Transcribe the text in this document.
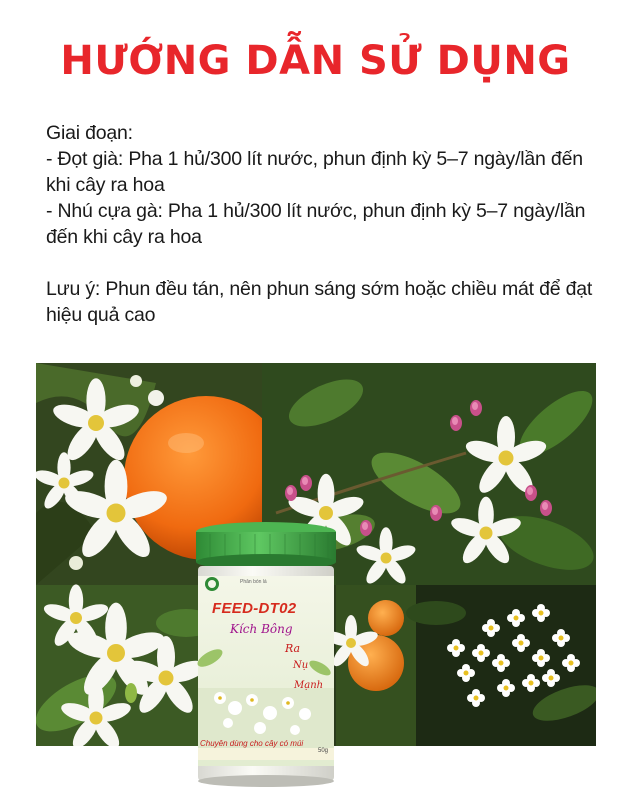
HƯỚNG DẪN SỬ DỤNG

Giai đoạn:

- Đọt già: Pha 1 hủ/300 lít nước, phun định kỳ 5–7 ngày/lần đến

khi cây ra hoa

- Nhú cựa gà: Pha 1 hủ/300 lít nước, phun định kỳ 5–7 ngày/lần

đến khi cây ra hoa

Lưu ý: Phun đều tán, nên phun sáng sớm hoặc chiều mát để đạt

hiệu quả cao

Phân bón lá
FEED-DT02
Kích Bông
Ra
Nụ
Mạnh
Chuyên dùng cho cây có múi
50g
